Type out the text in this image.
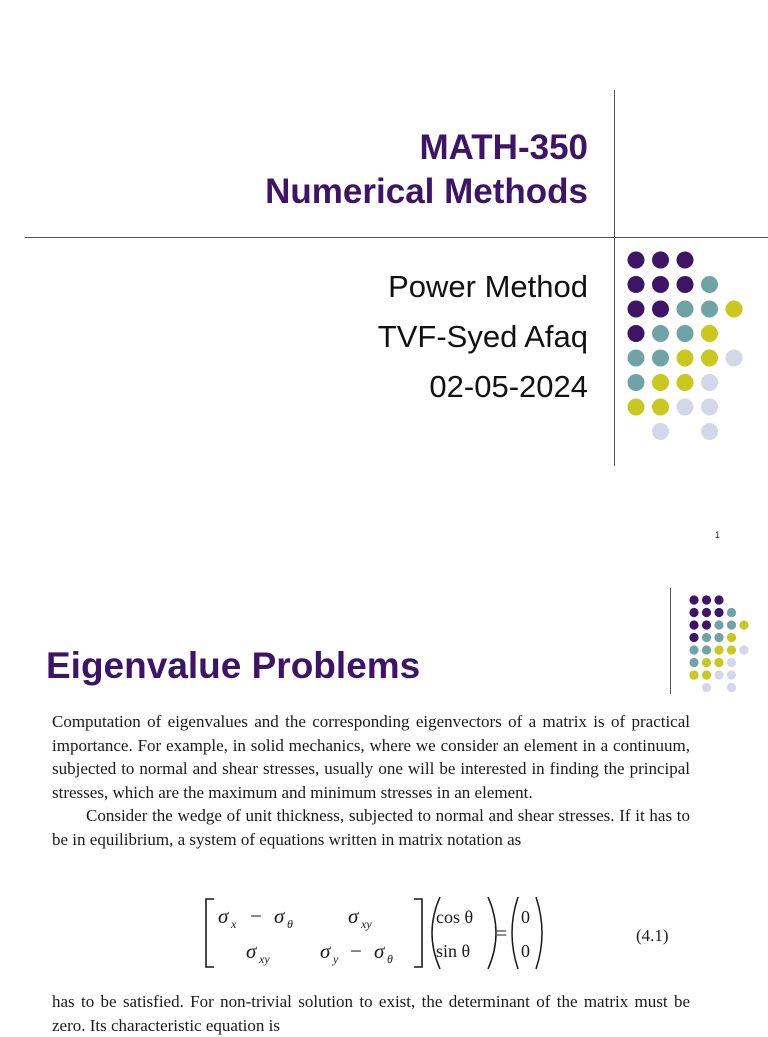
MATH-350
Numerical Methods
Power Method
TVF-Syed Afaq
02-05-2024
1
Eigenvalue Problems

Computation of eigenvalues and the corresponding eigenvectors of a matrix is of practical importance. For example, in solid mechanics, where we consider an element in a continuum, subjected to normal and shear stresses, usually one will be interested in finding the principal stresses, which are the maximum and minimum stresses in an element.

Consider the wedge of unit thickness, subjected to normal and shear stresses. If it has to be in equilibrium, a system of equations written in matrix notation as

σ x − σ θ	σ xy
σ xy σ y − σ θ
cos θ
sin θ
=
0
0
(4.1)
has to be satisfied. For non-trivial solution to exist, the determinant of the matrix must be zero. Its characteristic equation is
